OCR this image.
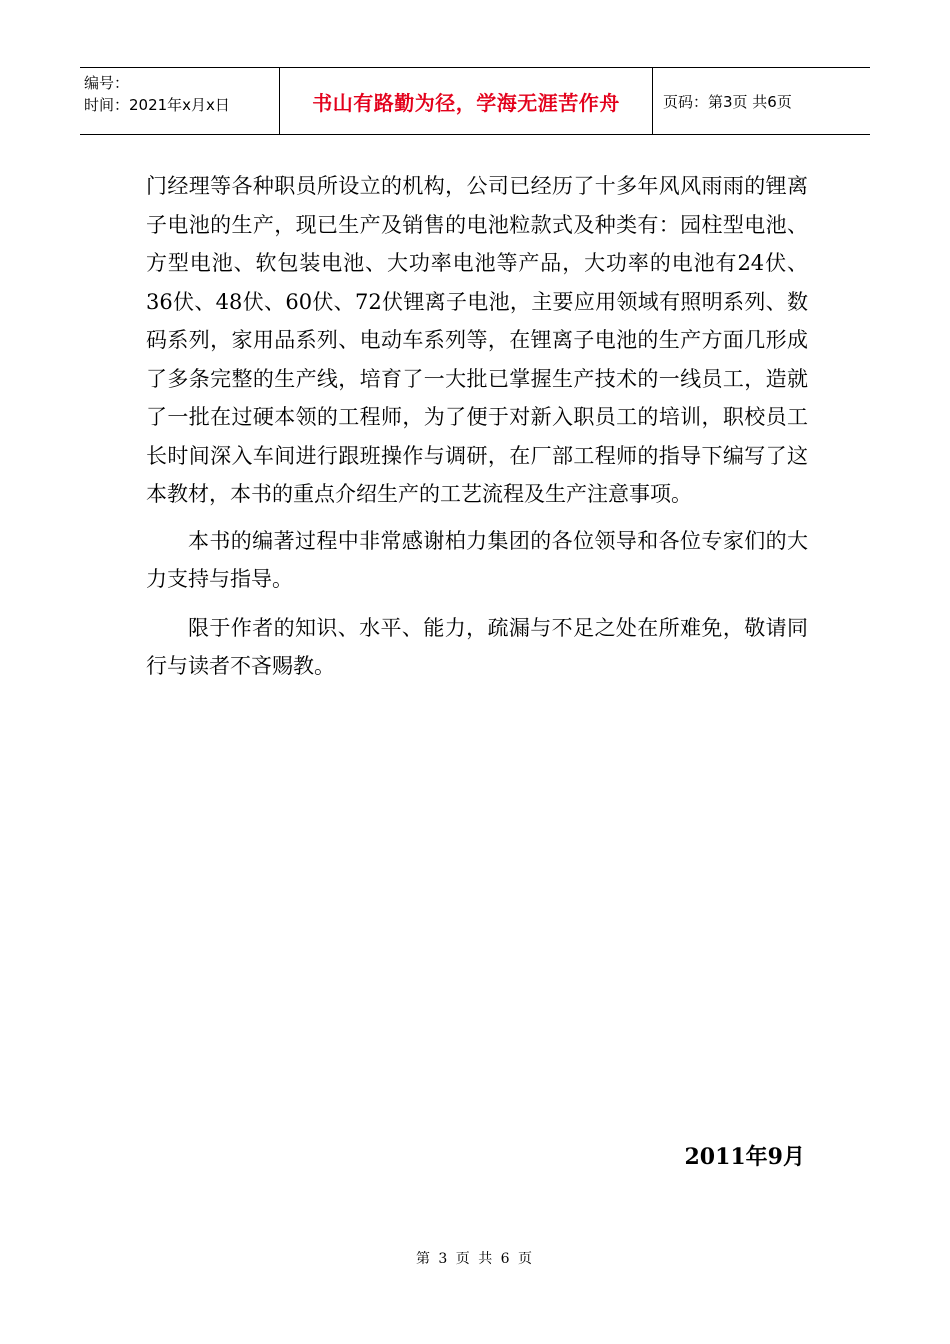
编号：
时间：2021年x月x日	书山有路勤为径，学海无涯苦作舟	页码：第3页 共6页

门经理等各种职员所设立的机构，公司已经历了十多年风风雨雨的锂离子电池的生产，现已生产及销售的电池粒款式及种类有：园柱型电池、方型电池、软包装电池、大功率电池等产品，大功率的电池有24伏、36伏、48伏、60伏、72伏锂离子电池，主要应用领域有照明系列、数码系列，家用品系列、电动车系列等，在锂离子电池的生产方面几形成了多条完整的生产线，培育了一大批已掌握生产技术的一线员工，造就了一批在过硬本领的工程师，为了便于对新入职员工的培训，职校员工长时间深入车间进行跟班操作与调研，在厂部工程师的指导下编写了这本教材，本书的重点介绍生产的工艺流程及生产注意事项。

本书的编著过程中非常感谢柏力集团的各位领导和各位专家们的大力支持与指导。

限于作者的知识、水平、能力，疏漏与不足之处在所难免，敬请同行与读者不吝赐教。

2011年9月
第 3 页 共 6 页
